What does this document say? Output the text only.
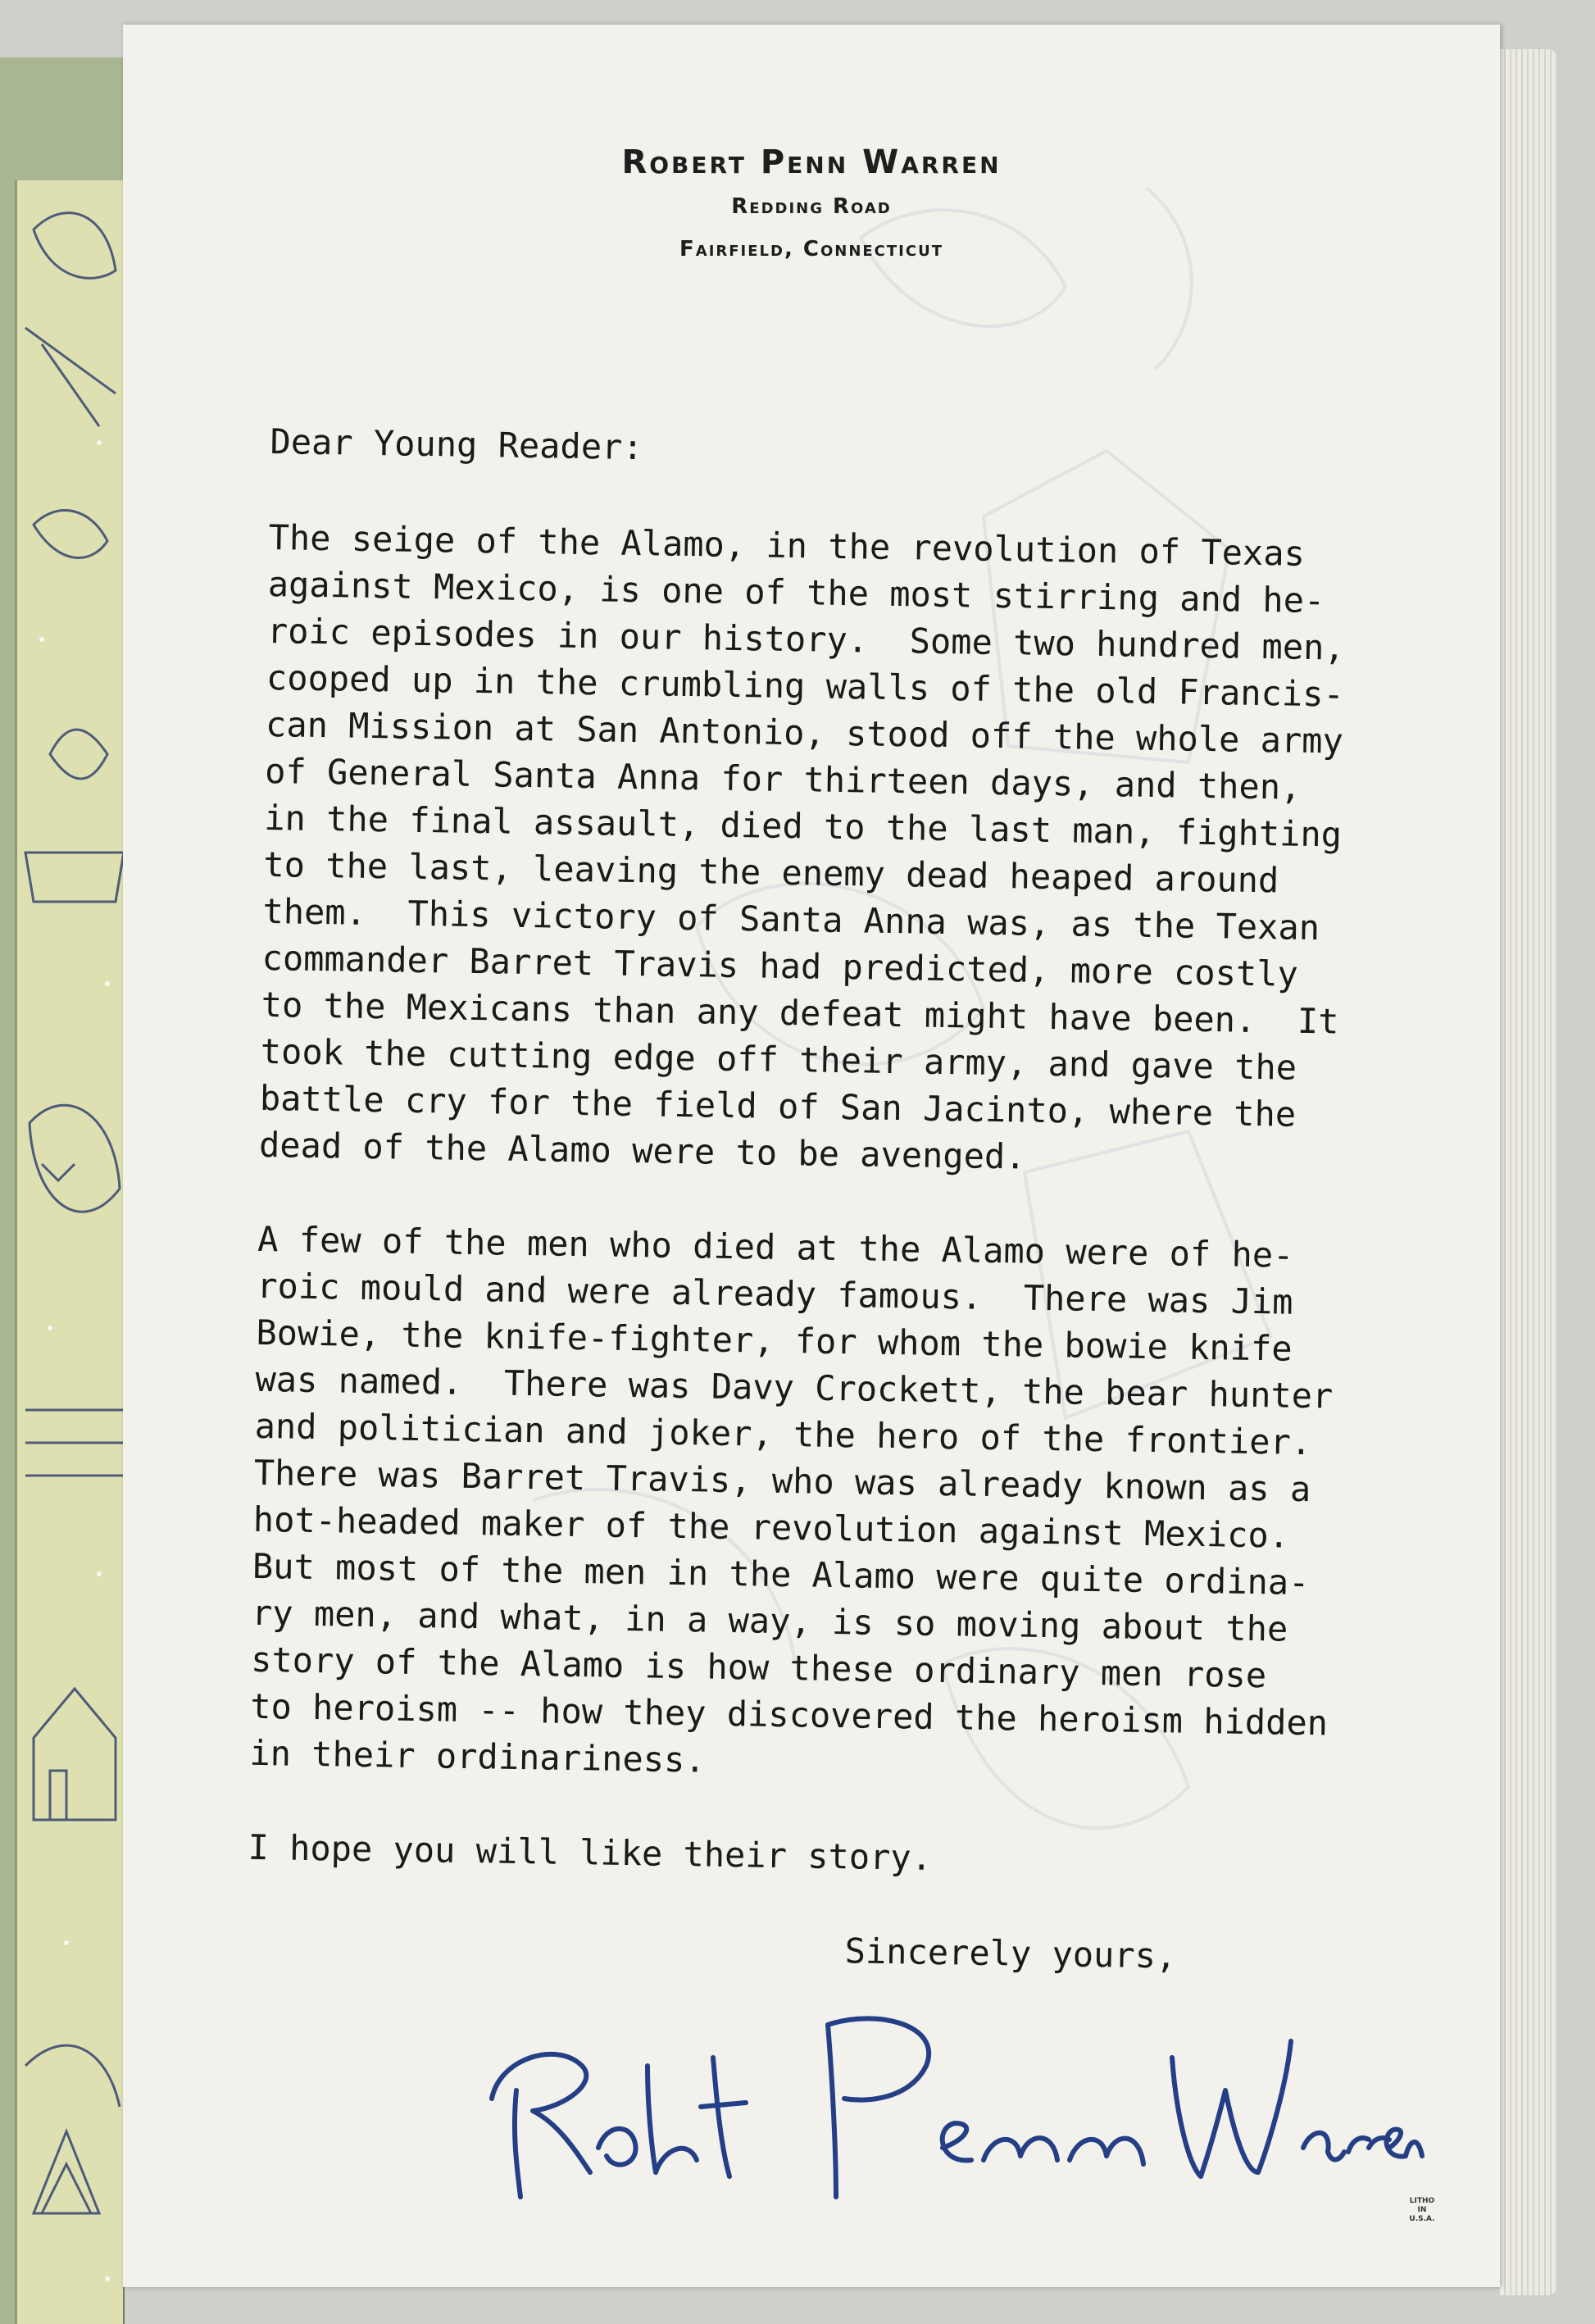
Robert Penn Warren
Redding Road
Fairfield, Connecticut
Dear Young Reader:
The seige of the Alamo, in the revolution of Texas
against Mexico, is one of the most stirring and he-
roic episodes in our history.  Some two hundred men,
cooped up in the crumbling walls of the old Francis-
can Mission at San Antonio, stood off the whole army
of General Santa Anna for thirteen days, and then,
in the final assault, died to the last man, fighting
to the last, leaving the enemy dead heaped around
them.  This victory of Santa Anna was, as the Texan
commander Barret Travis had predicted, more costly
to the Mexicans than any defeat might have been.  It
took the cutting edge off their army, and gave the
battle cry for the field of San Jacinto, where the
dead of the Alamo were to be avenged.
A few of the men who died at the Alamo were of he-
roic mould and were already famous.  There was Jim
Bowie, the knife-fighter, for whom the bowie knife
was named.  There was Davy Crockett, the bear hunter
and politician and joker, the hero of the frontier.
There was Barret Travis, who was already known as a
hot-headed maker of the revolution against Mexico.
But most of the men in the Alamo were quite ordina-
ry men, and what, in a way, is so moving about the
story of the Alamo is how these ordinary men rose
to heroism -- how they discovered the heroism hidden
in their ordinariness.
I hope you will like their story.
Sincerely yours,
LITHO
IN
U.S.A.
